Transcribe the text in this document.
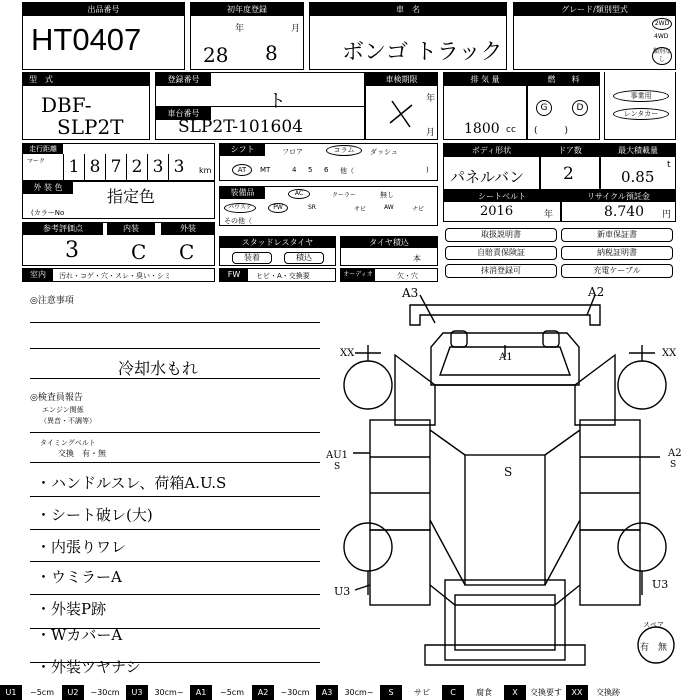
出品番号
HT0407
初年度登録
年	月
28 8
車　名
ボンゴ トラック
グレード/類別型式
2WD
4WD
類別なし
型　式
DBF-
SLP2T
登録番号
ト
車台番号
SLP2T-101604
車検期限
年
月
排 気 量
1800 cc
燃　　料
G	D
(　　　)
事業用
レンタカー
走行距離
マーク	1 8 7 2 3 3	km
シフト	フロア	コラム	ダッシュ
AT	MT	4 5 6 他（	)
ボディ形状
パネルバン
ドア数
2
最大積載量
0.85
t
外 装 色	指定色
(カラーNo
装備品	AC	クーラー	無し
パワステ	PW	SR	サビ	AW	ナビ
その他（
シートベルト
2016	年
リサイクル預託金
8.740 円
参考評価点	内装	外装
3	C C	スタッドレスタイヤ
装着	積込
タイヤ積込
本
取扱説明書	新車保証書
自賠責保険証	納税証明書
抹消登録可	充電ケーブル
室内	汚れ・コゲ・穴・スレ・臭い・シミ	FW	ヒビ・A・交換要	オーディオ	欠・穴
◎注意事項
冷却水もれ
◎検査員報告
エンジン関係
（異音・不調等）
タイミングベルト
交換　有・無
・ハンドルスレ、荷箱A.U.S
・シート破レ(大)
・内張りワレ
・ウミラーA
・外装P跡
・WカバーA
・外装ツヤナシ
A3	A2
A1
XX	XX
AU1
S	S
A2
S
U3
U3
スペア
有　無
U1	~5cm	U2	~30cm	U3	30cm~	A1	~5cm	A2	~30cm	A3	30cm~	S	サビ	C	腐食	X	交換要す	XX	交換跡
